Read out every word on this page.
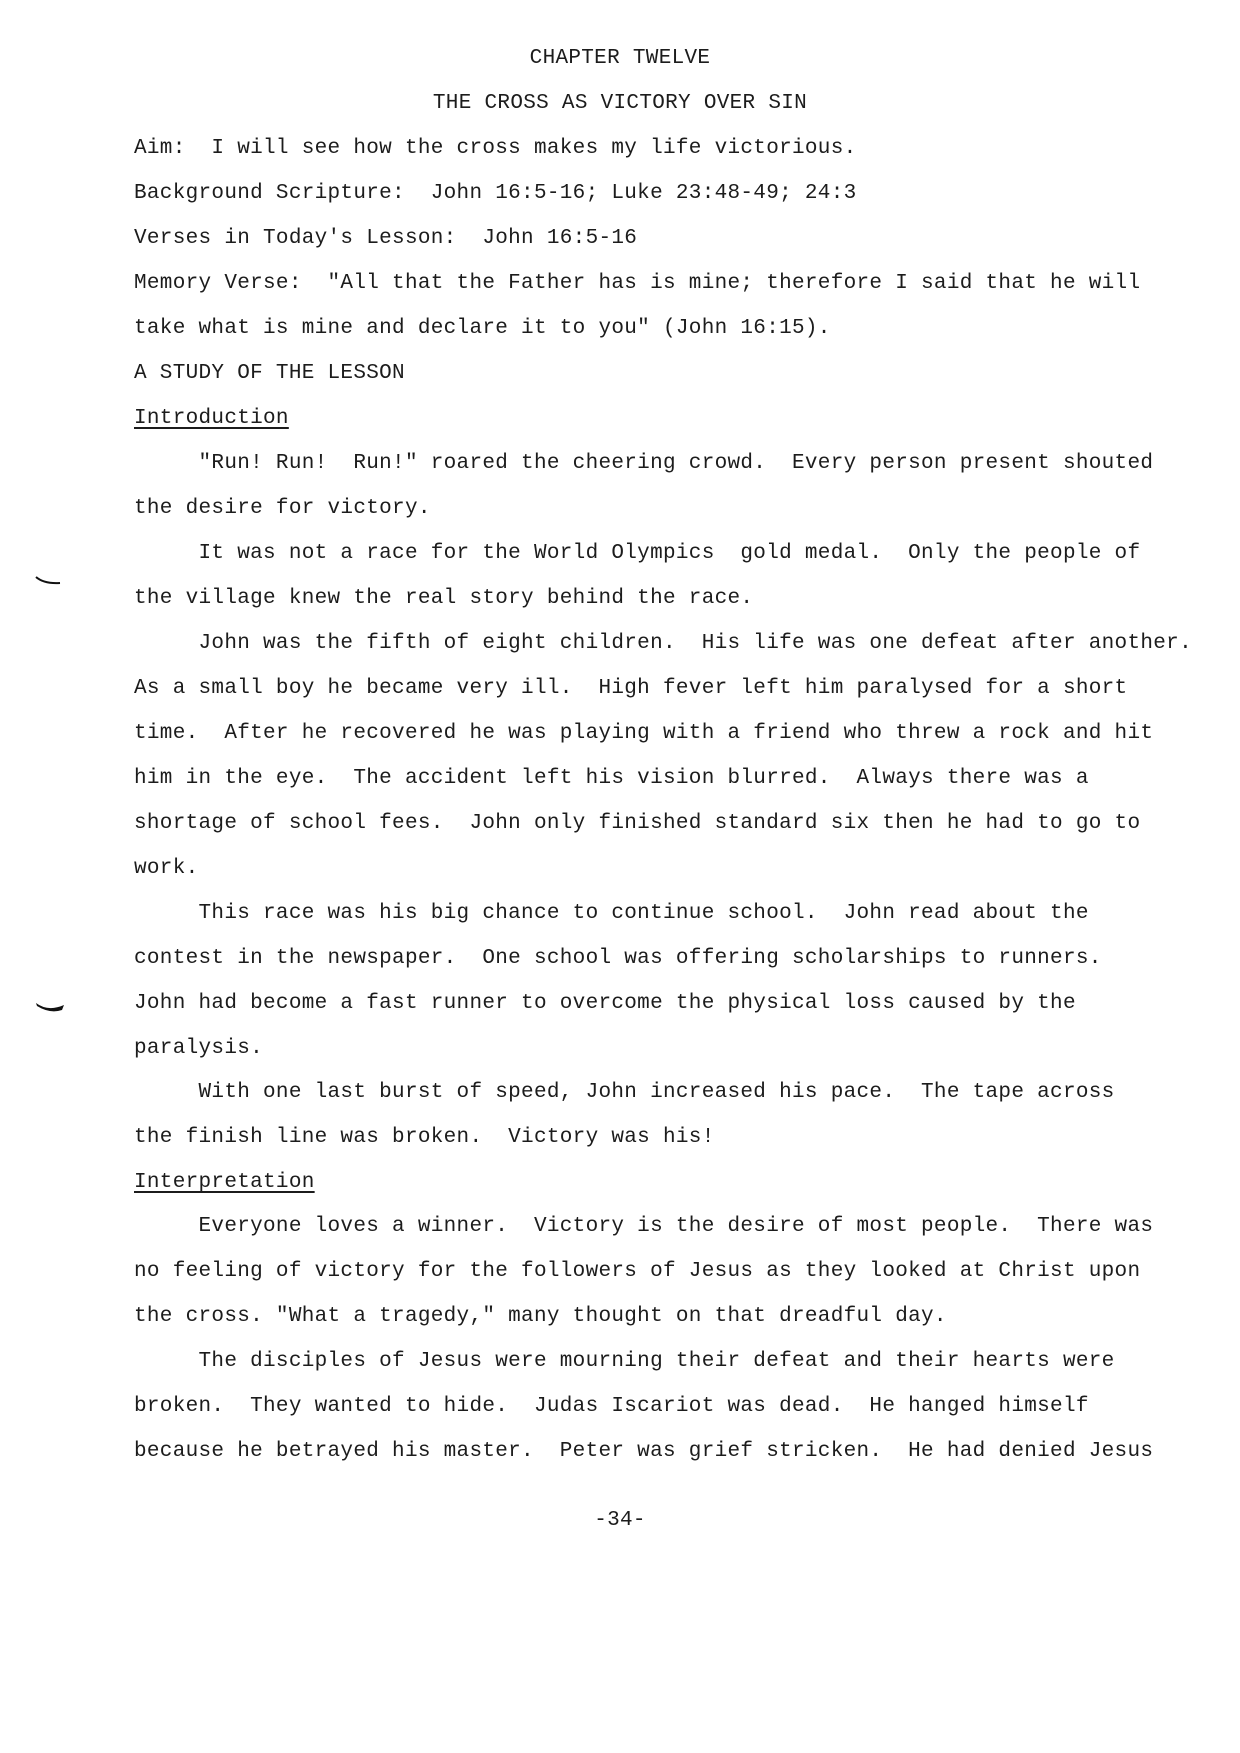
CHAPTER TWELVE
THE CROSS AS VICTORY OVER SIN
Aim:  I will see how the cross makes my life victorious.
Background Scripture:  John 16:5-16; Luke 23:48-49; 24:3
Verses in Today's Lesson:  John 16:5-16
Memory Verse:  "All that the Father has is mine; therefore I said that he will
take what is mine and declare it to you" (John 16:15).
A STUDY OF THE LESSON
Introduction
"Run! Run!  Run!" roared the cheering crowd.  Every person present shouted
the desire for victory.
It was not a race for the World Olympics  gold medal.  Only the people of
the village knew the real story behind the race.
John was the fifth of eight children.  His life was one defeat after another.
As a small boy he became very ill.  High fever left him paralysed for a short
time.  After he recovered he was playing with a friend who threw a rock and hit
him in the eye.  The accident left his vision blurred.  Always there was a
shortage of school fees.  John only finished standard six then he had to go to
work.
This race was his big chance to continue school.  John read about the
contest in the newspaper.  One school was offering scholarships to runners.
John had become a fast runner to overcome the physical loss caused by the
paralysis.
With one last burst of speed, John increased his pace.  The tape across
the finish line was broken.  Victory was his!
Interpretation
Everyone loves a winner.  Victory is the desire of most people.  There was
no feeling of victory for the followers of Jesus as they looked at Christ upon
the cross. "What a tragedy," many thought on that dreadful day.
The disciples of Jesus were mourning their defeat and their hearts were
broken.  They wanted to hide.  Judas Iscariot was dead.  He hanged himself
because he betrayed his master.  Peter was grief stricken.  He had denied Jesus
-34-
